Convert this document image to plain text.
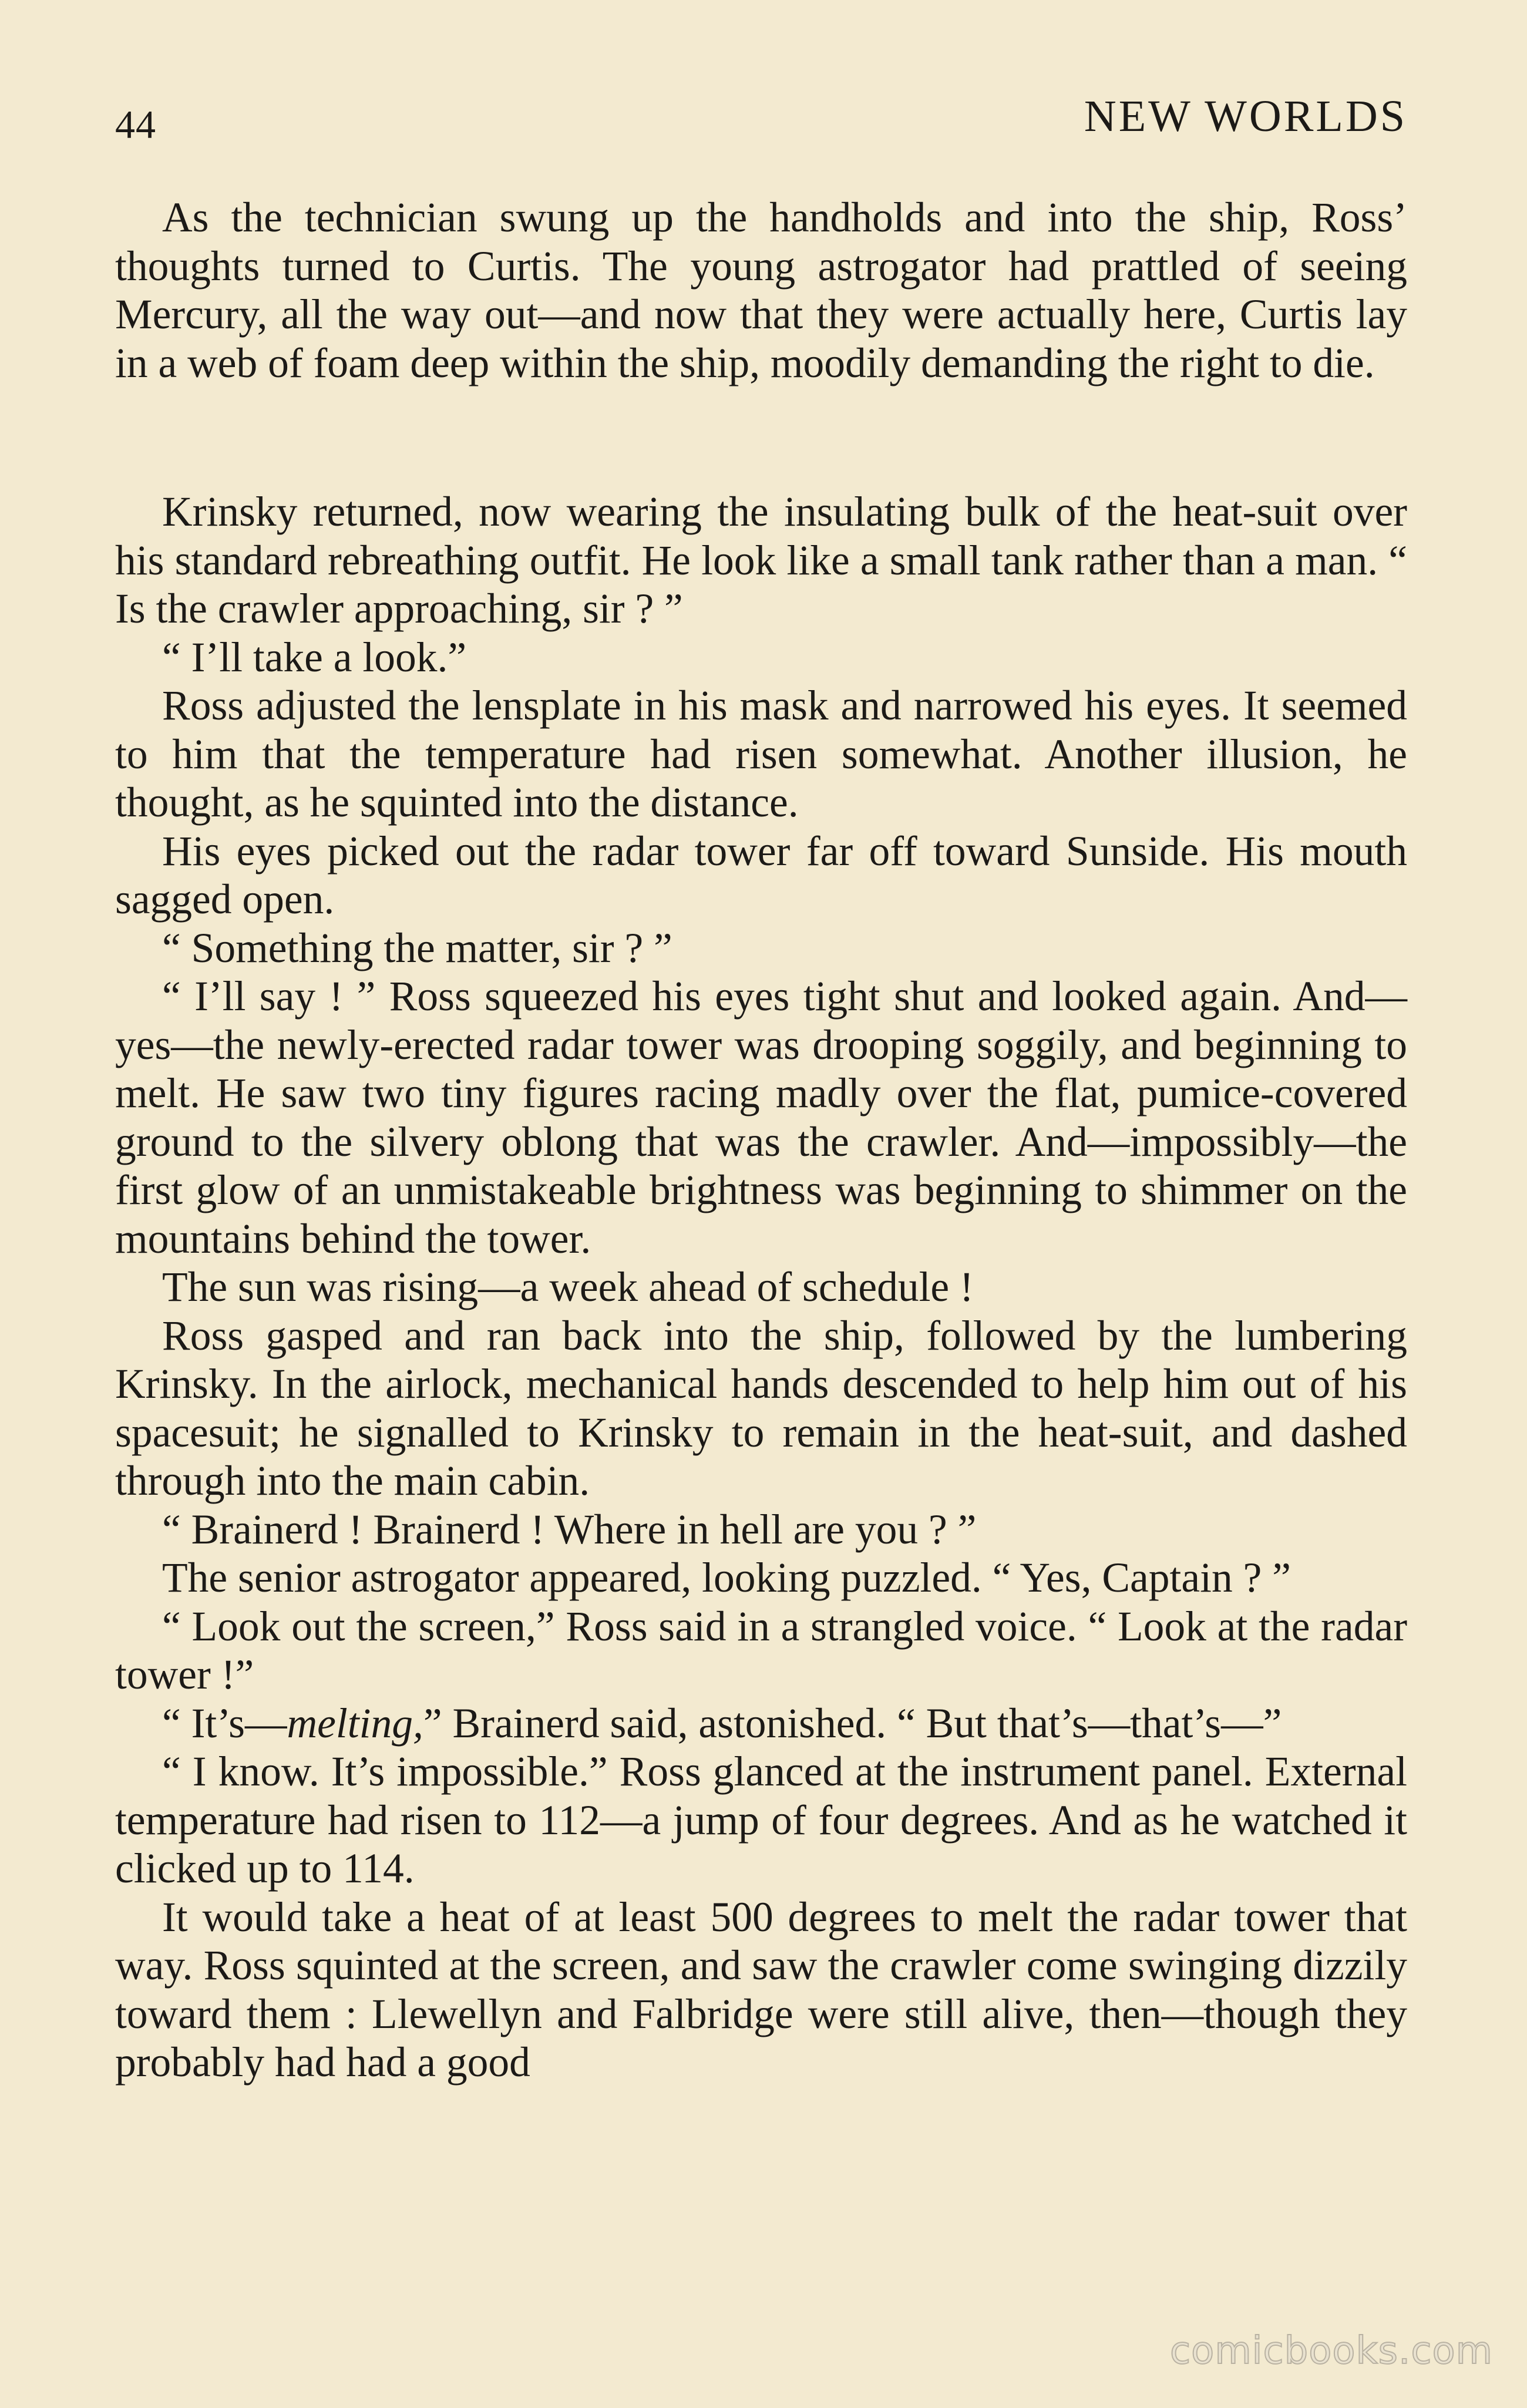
44	NEW WORLDS

As the technician swung up the handholds and into the ship, Ross’ thoughts turned to Curtis. The young astrogator had prattled of seeing Mercury, all the way out—and now that they were actually here, Curtis lay in a web of foam deep within the ship, moodily demanding the right to die.

Krinsky returned, now wearing the insulating bulk of the heat-suit over his standard rebreathing outfit. He look like a small tank rather than a man. “ Is the crawler approaching, sir ? ”

“ I’ll take a look.”

Ross adjusted the lensplate in his mask and narrowed his eyes. It seemed to him that the temperature had risen somewhat. Another illusion, he thought, as he squinted into the distance.

His eyes picked out the radar tower far off toward Sunside. His mouth sagged open.

“ Something the matter, sir ? ”

“ I’ll say ! ” Ross squeezed his eyes tight shut and looked again. And—yes—the newly-erected radar tower was drooping soggily, and beginning to melt. He saw two tiny figures racing madly over the flat, pumice-covered ground to the silvery oblong that was the crawler. And—impossibly—the first glow of an unmistakeable brightness was beginning to shimmer on the mountains behind the tower.

The sun was rising—a week ahead of schedule !

Ross gasped and ran back into the ship, followed by the lumbering Krinsky. In the airlock, mechanical hands descended to help him out of his spacesuit; he signalled to Krinsky to remain in the heat-suit, and dashed through into the main cabin.

“ Brainerd ! Brainerd ! Where in hell are you ? ”

The senior astrogator appeared, looking puzzled. “ Yes, Captain ? ”

“ Look out the screen,” Ross said in a strangled voice. “ Look at the radar tower !”

“ It’s—melting,” Brainerd said, astonished. “ But that’s—that’s—”

“ I know. It’s impossible.” Ross glanced at the instrument panel. External temperature had risen to 112—a jump of four degrees. And as he watched it clicked up to 114.

It would take a heat of at least 500 degrees to melt the radar tower that way. Ross squinted at the screen, and saw the crawler come swinging dizzily toward them : Llewellyn and Falbridge were still alive, then—though they probably had had a good

comicbooks.com
